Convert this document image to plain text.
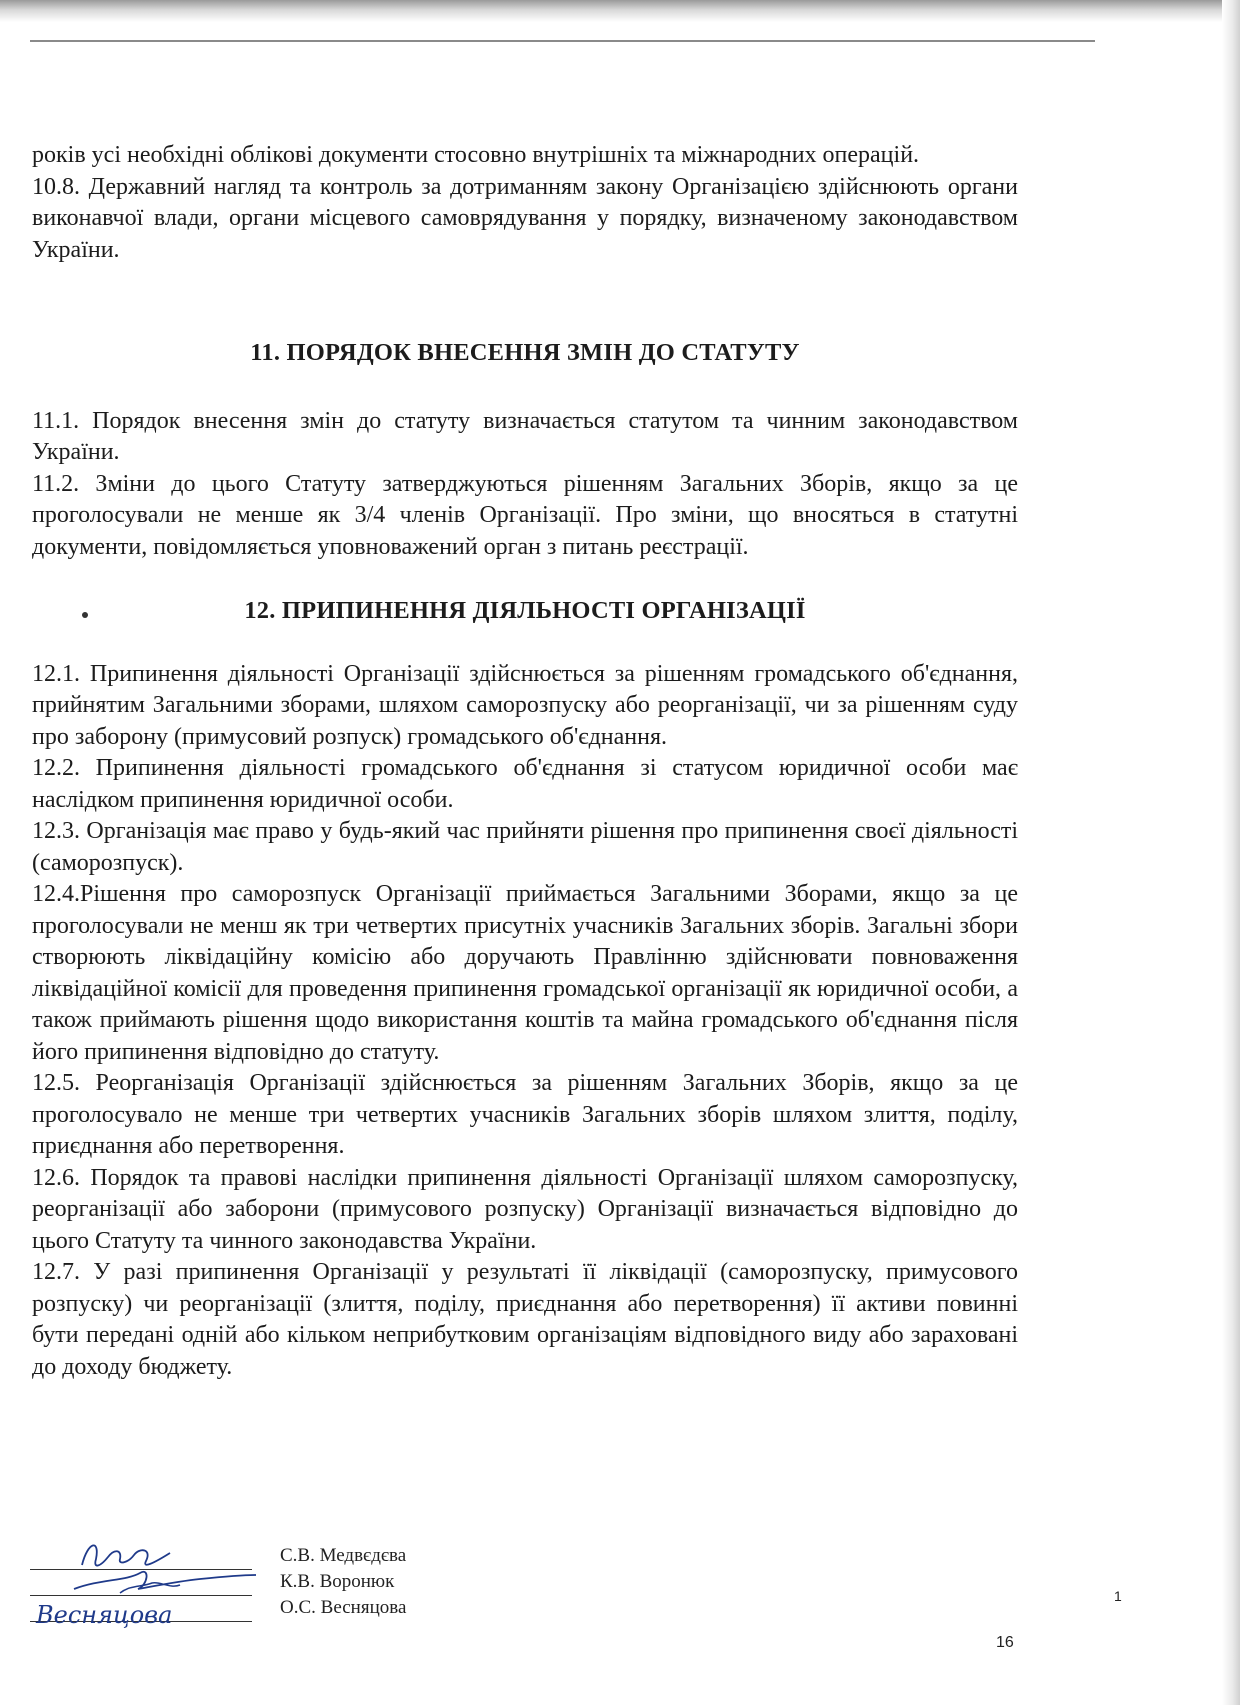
років усі необхідні облікові документи стосовно внутрішніх та міжнародних операцій.

10.8. Державний нагляд та контроль за дотриманням закону Організацією здійснюють органи виконавчої влади, органи місцевого самоврядування у порядку, визначеному законодавством України.

11. ПОРЯДОК ВНЕСЕННЯ ЗМІН ДО СТАТУТУ

11.1. Порядок внесення змін до статуту визначається статутом та чинним законодавством України.

11.2. Зміни до цього Статуту затверджуються рішенням Загальних Зборів, якщо за це проголосували не менше як 3/4 членів Організації. Про зміни, що вносяться в статутні документи, повідомляється уповноважений орган з питань реєстрації.

12. ПРИПИНЕННЯ ДІЯЛЬНОСТІ ОРГАНІЗАЦІЇ

12.1. Припинення діяльності Організації здійснюється за рішенням громадського об'єднання, прийнятим Загальними зборами, шляхом саморозпуску або реорганізації, чи за рішенням суду про заборону (примусовий розпуск) громадського об'єднання.

12.2. Припинення діяльності громадського об'єднання зі статусом юридичної особи має наслідком припинення юридичної особи.

12.3. Організація має право у будь-який час прийняти рішення про припинення своєї діяльності (саморозпуск).

12.4.Рішення про саморозпуск Організації приймається Загальними Зборами, якщо за це проголосували не менш як три четвертих присутніх учасників Загальних зборів. Загальні збори створюють ліквідаційну комісію або доручають Правлінню здійснювати повноваження ліквідаційної комісії для проведення припинення громадської організації як юридичної особи, а також приймають рішення щодо використання коштів та майна громадського об'єднання після його припинення відповідно до статуту.

12.5. Реорганізація Організації здійснюється за рішенням Загальних Зборів, якщо за це проголосувало не менше три четвертих учасників Загальних зборів шляхом злиття, поділу, приєднання або перетворення.

12.6. Порядок та правові наслідки припинення діяльності Організації шляхом саморозпуску, реорганізації або заборони (примусового розпуску) Організації визначається відповідно до цього Статуту та чинного законодавства України.

12.7. У разі припинення Організації у результаті її ліквідації (саморозпуску, примусового розпуску) чи реорганізації (злиття, поділу, приєднання або перетворення) її активи повинні бути передані одній або кільком неприбутковим організаціям відповідного виду або зараховані до доходу бюджету.

Весняцова
С.В. Медвєдєва
К.В. Воронюк
О.С. Весняцова
1
16
